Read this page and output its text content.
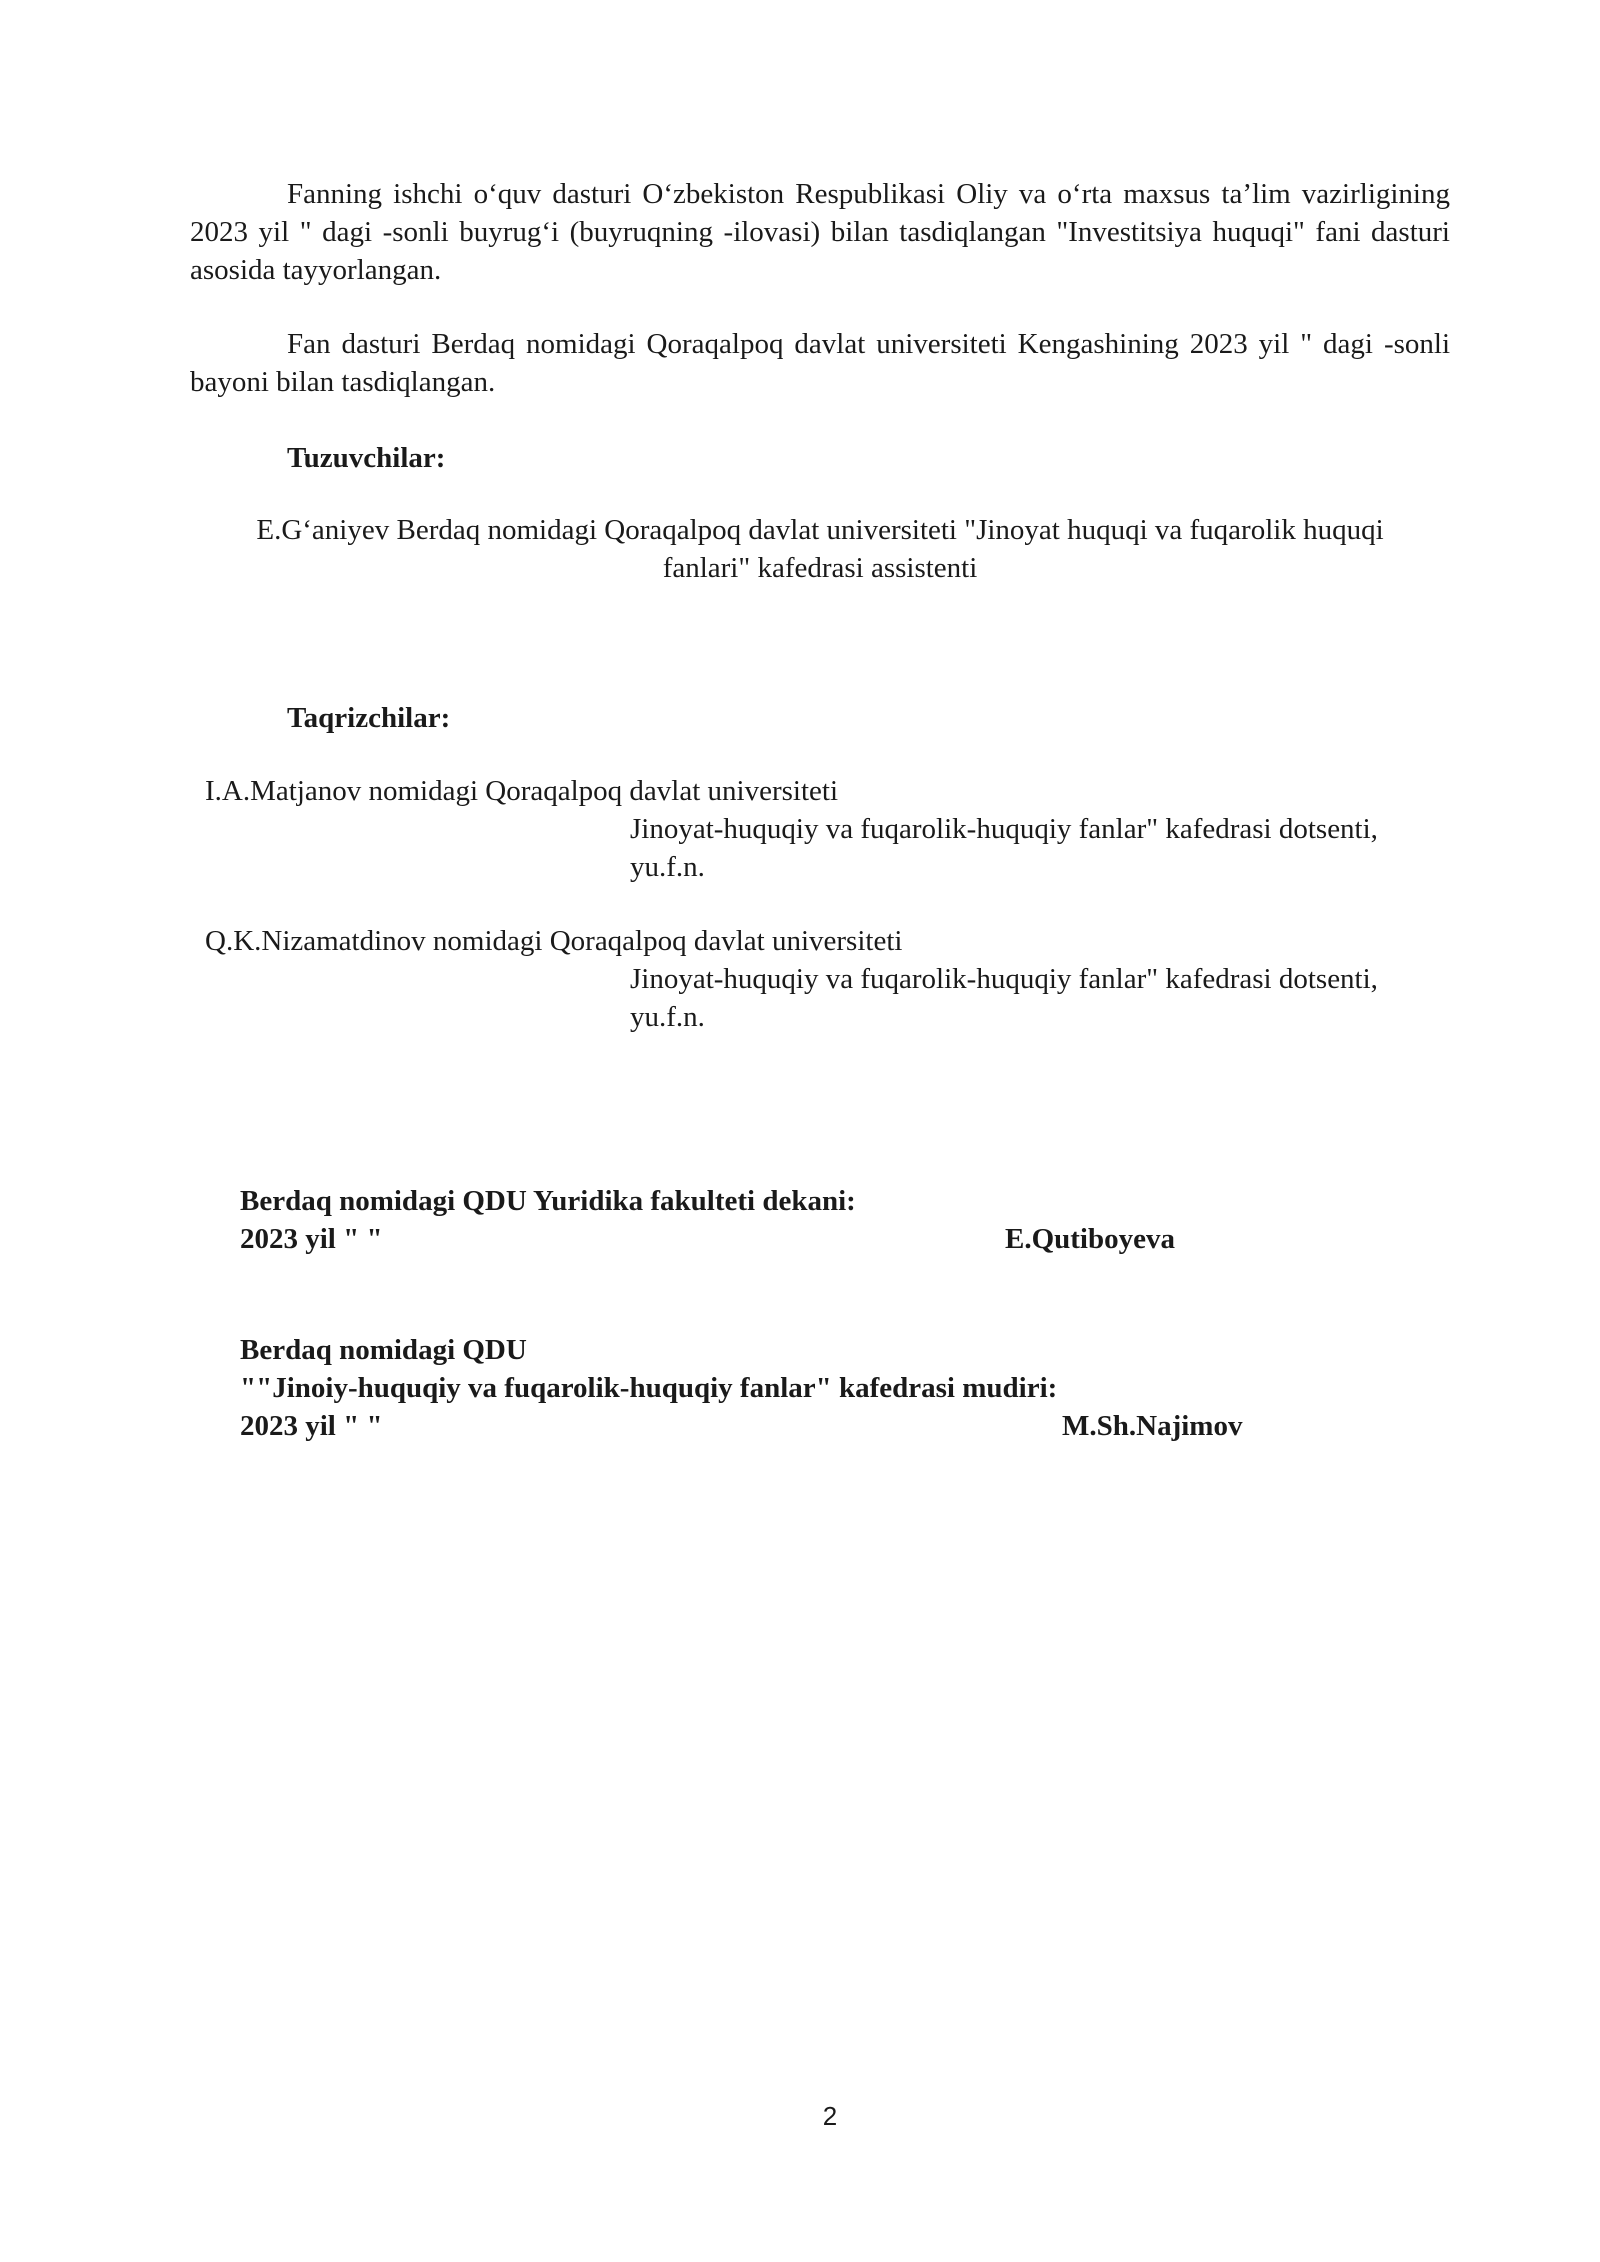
Fanning ishchi oʻquv dasturi Oʻzbekiston Respublikasi Oliy va oʻrta maxsus taʼlim vazirligining 2023 yil " dagi -sonli buyrugʻi (buyruqning -ilovasi) bilan tasdiqlangan "Investitsiya huquqi" fani dasturi asosida tayyorlangan.

Fan dasturi Berdaq nomidagi Qoraqalpoq davlat universiteti Kengashining 2023 yil " dagi -sonli bayoni bilan tasdiqlangan.

Tuzuvchilar:
E.Gʻaniyev Berdaq nomidagi Qoraqalpoq davlat universiteti "Jinoyat huquqi va fuqarolik huquqi
fanlari" kafedrasi assistenti
Taqrizchilar:
I.A.Matjanov nomidagi Qoraqalpoq davlat universiteti
Jinoyat-huquqiy va fuqarolik-huquqiy fanlar" kafedrasi dotsenti,
yu.f.n.
Q.K.Nizamatdinov nomidagi Qoraqalpoq davlat universiteti
Jinoyat-huquqiy va fuqarolik-huquqiy fanlar" kafedrasi dotsenti,
yu.f.n.
Berdaq nomidagi QDU Yuridika fakulteti dekani:
2023 yil " "	E.Qutiboyeva
Berdaq nomidagi QDU
""Jinoiy-huquqiy va fuqarolik-huquqiy fanlar" kafedrasi mudiri:
2023 yil " "	M.Sh.Najimov
2
